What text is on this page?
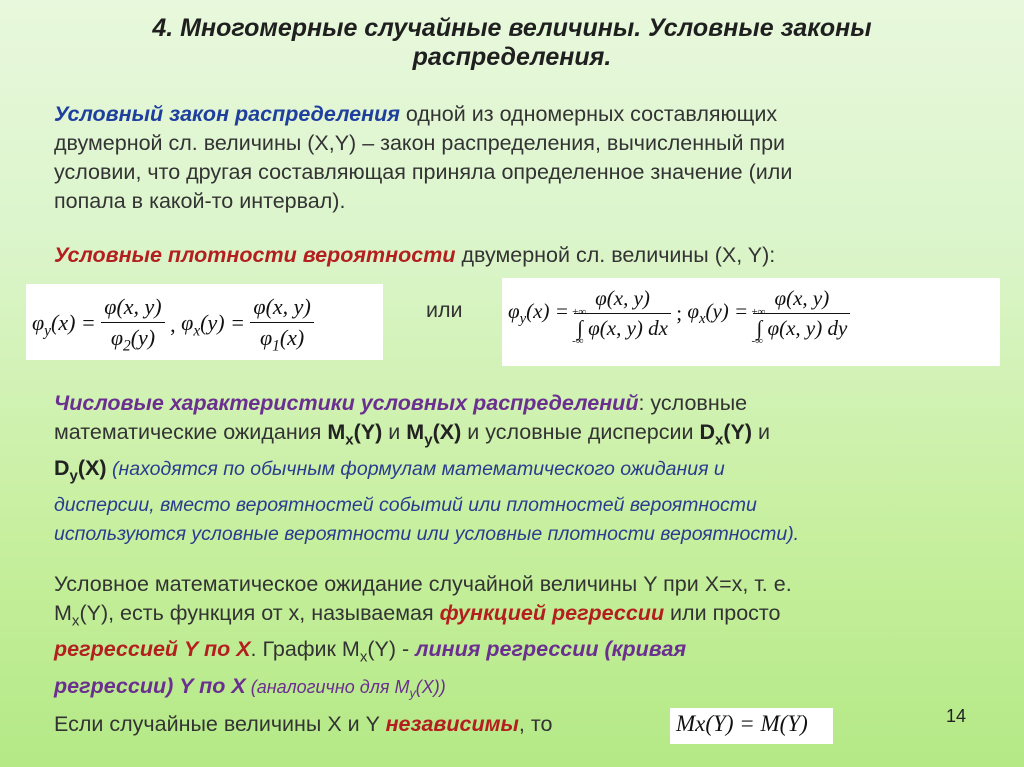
4. Многомерные случайные величины. Условные законы
распределения.
Условный закон распределения одной из одномерных составляющих
двумерной сл. величины (X,Y) – закон распределения, вычисленный при
условии, что другая составляющая приняла определенное значение (или
попала в какой-то интервал).
Условные плотности вероятности двумерной сл. величины (X, Y):
$\varphi_y(x) = \frac{\varphi(x, y)}{\varphi_2(y)}$ , $\varphi_x(y) = \frac{\varphi(x, y)}{\varphi_1(x)}$	или $\varphi_y(x) = \varphi(x$, y)
+∞
∫ φ(x, y) dx
-∞ ; $\varphi_x(y) = \varphi(x$, y)
+∞
∫ φ(x, y) dy
-∞
Числовые характеристики условных распределений: условные
математические ожидания $M_x(Y)$ и $M_y(X)$ и условные дисперсии $D_x(Y)$ и
$D_y(X)$ (находятся по обычным формулам математического ожидания и
дисперсии, вместо вероятностей событий или плотностей вероятности
используются условные вероятности или условные плотности вероятности).
Условное математическое ожидание случайной величины Y при X=x, т. е.
$M_x(Y)$, есть функция от x, называемая функцией регрессии или просто
регрессией Y по X. График $M_x(Y)$ - линия регрессии (кривая
регрессии) Y по X (аналогично для $M_y(X)$)
Если случайные величины X и Y независимы, то	Mx(Y) = M(Y)	14
